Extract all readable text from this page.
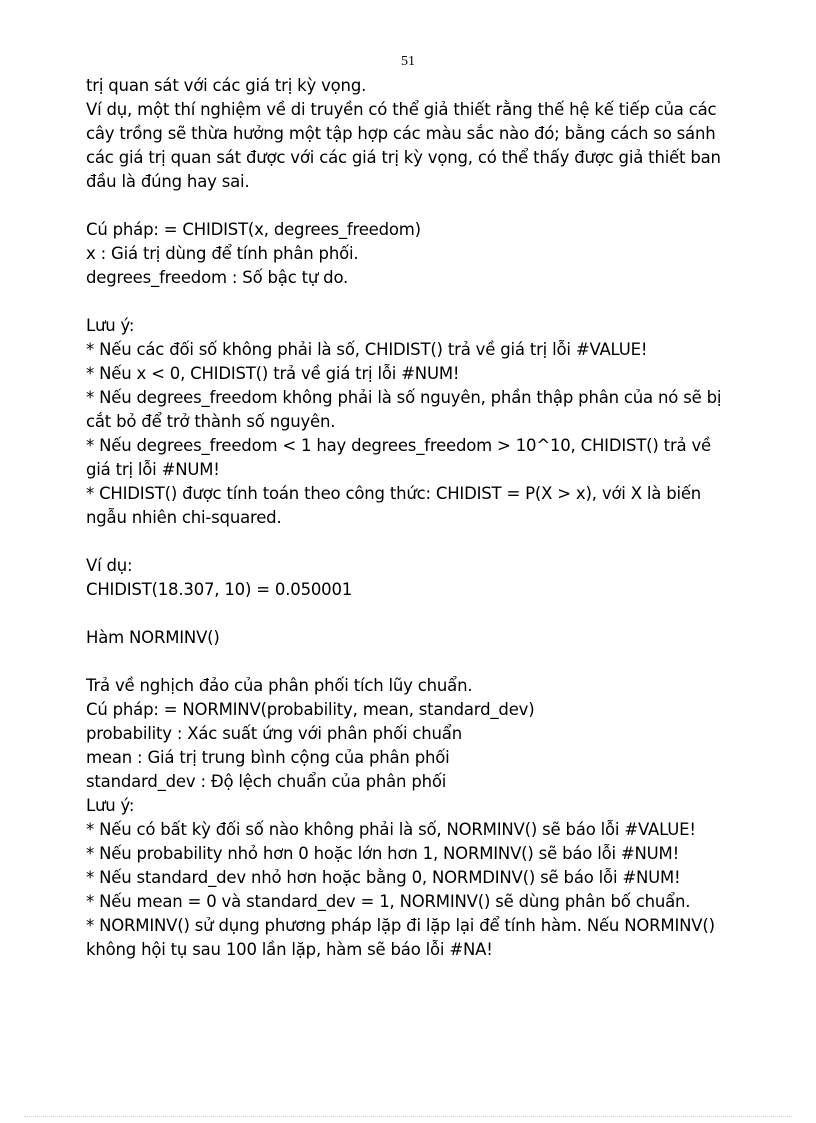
51
trị quan sát với các giá trị kỳ vọng.
Ví dụ, một thí nghiệm về di truyền có thể giả thiết rằng thế hệ kế tiếp của các
cây trồng sẽ thừa hưởng một tập hợp các màu sắc nào đó; bằng cách so sánh
các giá trị quan sát được với các giá trị kỳ vọng, có thể thấy được giả thiết ban
đầu là đúng hay sai.
Cú pháp: = CHIDIST(x, degrees_freedom)
x : Giá trị dùng để tính phân phối.
degrees_freedom : Số bậc tự do.
Lưu ý:
* Nếu các đối số không phải là số, CHIDIST() trả về giá trị lỗi #VALUE!
* Nếu x < 0, CHIDIST() trả về giá trị lỗi #NUM!
* Nếu degrees_freedom không phải là số nguyên, phần thập phân của nó sẽ bị
cắt bỏ để trở thành số nguyên.
* Nếu degrees_freedom < 1 hay degrees_freedom > 10^10, CHIDIST() trả về
giá trị lỗi #NUM!
* CHIDIST() được tính toán theo công thức: CHIDIST = P(X > x), với X là biến
ngẫu nhiên chi-squared.
Ví dụ:
CHIDIST(18.307, 10) = 0.050001
Hàm NORMINV()
Trả về nghịch đảo của phân phối tích lũy chuẩn.
Cú pháp: = NORMINV(probability, mean, standard_dev)
probability : Xác suất ứng với phân phối chuẩn
mean : Giá trị trung bình cộng của phân phối
standard_dev : Độ lệch chuẩn của phân phối
Lưu ý:
* Nếu có bất kỳ đối số nào không phải là số, NORMINV() sẽ báo lỗi #VALUE!
* Nếu probability nhỏ hơn 0 hoặc lớn hơn 1, NORMINV() sẽ báo lỗi #NUM!
* Nếu standard_dev nhỏ hơn hoặc bằng 0, NORMDINV() sẽ báo lỗi #NUM!
* Nếu mean = 0 và standard_dev = 1, NORMINV() sẽ dùng phân bố chuẩn.
* NORMINV() sử dụng phương pháp lặp đi lặp lại để tính hàm. Nếu NORMINV()
không hội tụ sau 100 lần lặp, hàm sẽ báo lỗi #NA!
